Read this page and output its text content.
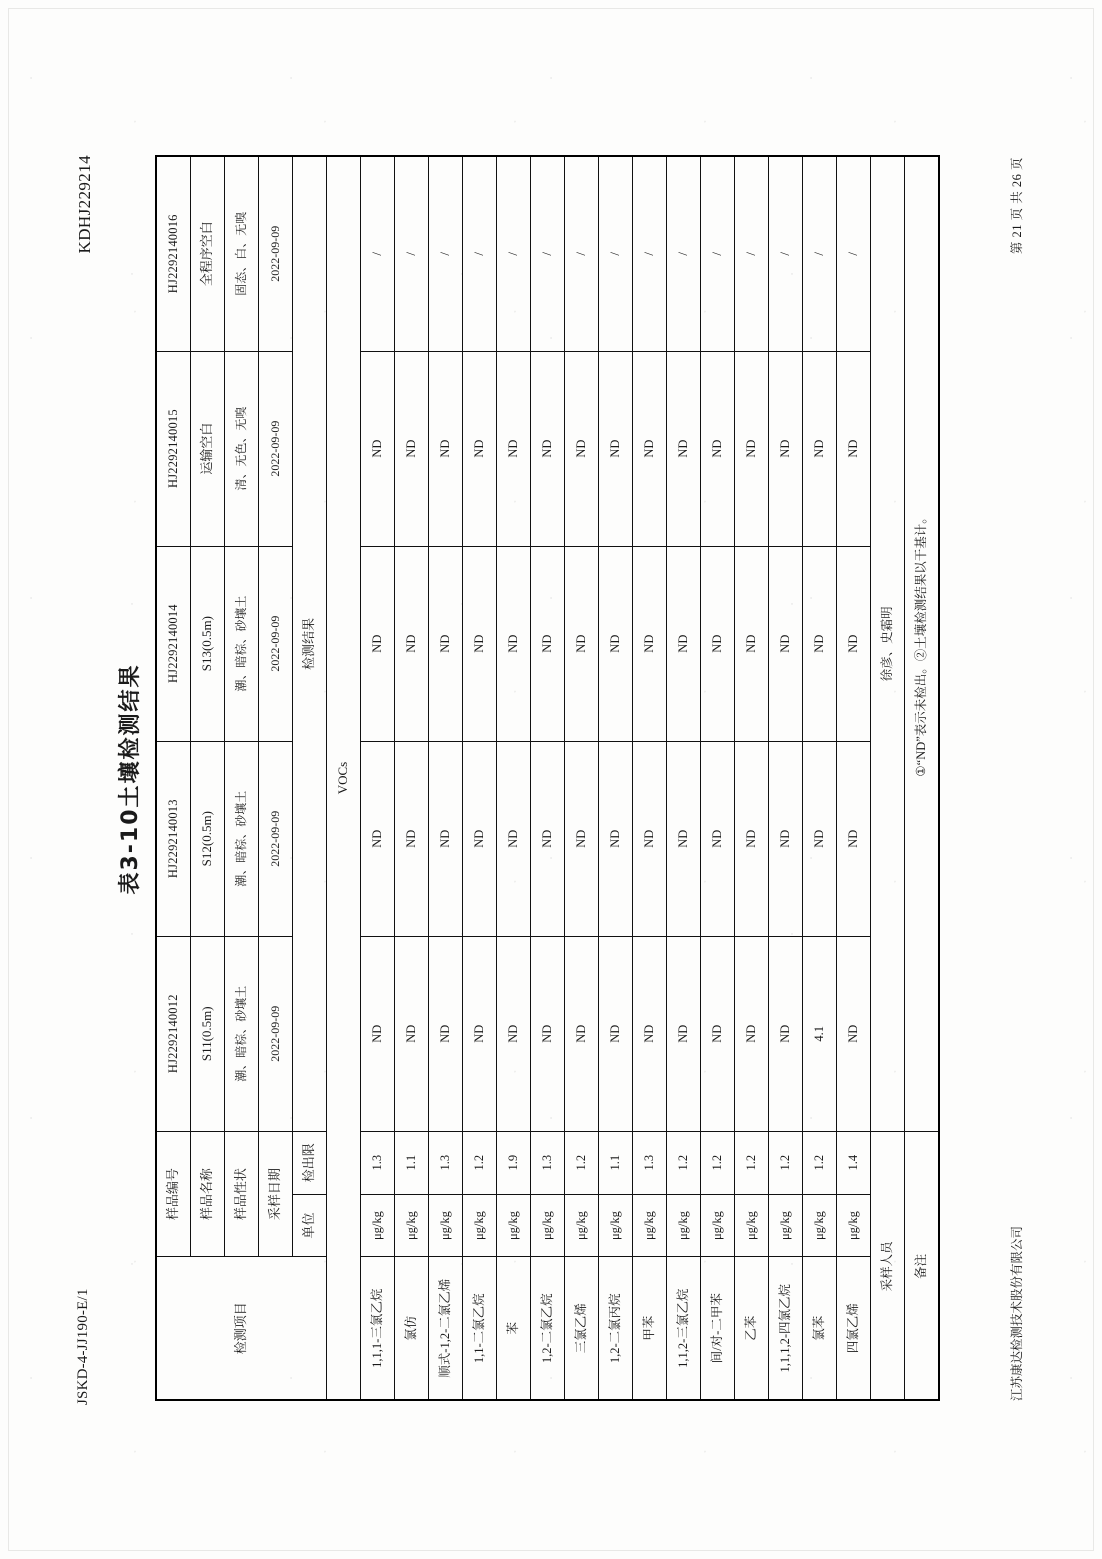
JSKD-4-JJ190-E/1
KDHJ229214
表3-10土壤检测结果
检测项目	样品编号		HJ2292140012	HJ2292140013	HJ2292140014	HJ2292140015	HJ2292140016
	样品名称		S11(0.5m)	S12(0.5m)	S13(0.5m)	运输空白	全程序空白
	样品性状		潮、暗棕、砂壤土	潮、暗棕、砂壤土	潮、暗棕、砂壤土	清、无色、无嗅	固态、白、无嗅
	采样日期		2022-09-09	2022-09-09	2022-09-09	2022-09-09	2022-09-09
	单位	检出限	检测结果				
VOCs							
1,1,1-三氯乙烷	μg/kg	1.3	ND	ND	ND	ND	/
氯仿	μg/kg	1.1	ND	ND	ND	ND	/
顺式-1,2-二氯乙烯	μg/kg	1.3	ND	ND	ND	ND	/
1,1-二氯乙烷	μg/kg	1.2	ND	ND	ND	ND	/
苯	μg/kg	1.9	ND	ND	ND	ND	/
1,2-二氯乙烷	μg/kg	1.3	ND	ND	ND	ND	/
三氯乙烯	μg/kg	1.2	ND	ND	ND	ND	/
1,2-二氯丙烷	μg/kg	1.1	ND	ND	ND	ND	/
甲苯	μg/kg	1.3	ND	ND	ND	ND	/
1,1,2-三氯乙烷	μg/kg	1.2	ND	ND	ND	ND	/
间/对-二甲苯	μg/kg	1.2	ND	ND	ND	ND	/
乙苯	μg/kg	1.2	ND	ND	ND	ND	/
1,1,1,2-四氯乙烷	μg/kg	1.2	ND	ND	ND	ND	/
氯苯	μg/kg	1.2	4.1	ND	ND	ND	/
四氯乙烯	μg/kg	1.4	ND	ND	ND	ND	/
采样人员			徐彦、史霜明				
备注			①“ND”表示未检出。②土壤检测结果以干基计。				
江苏康达检测技术股份有限公司
第 21 页 共 26 页
